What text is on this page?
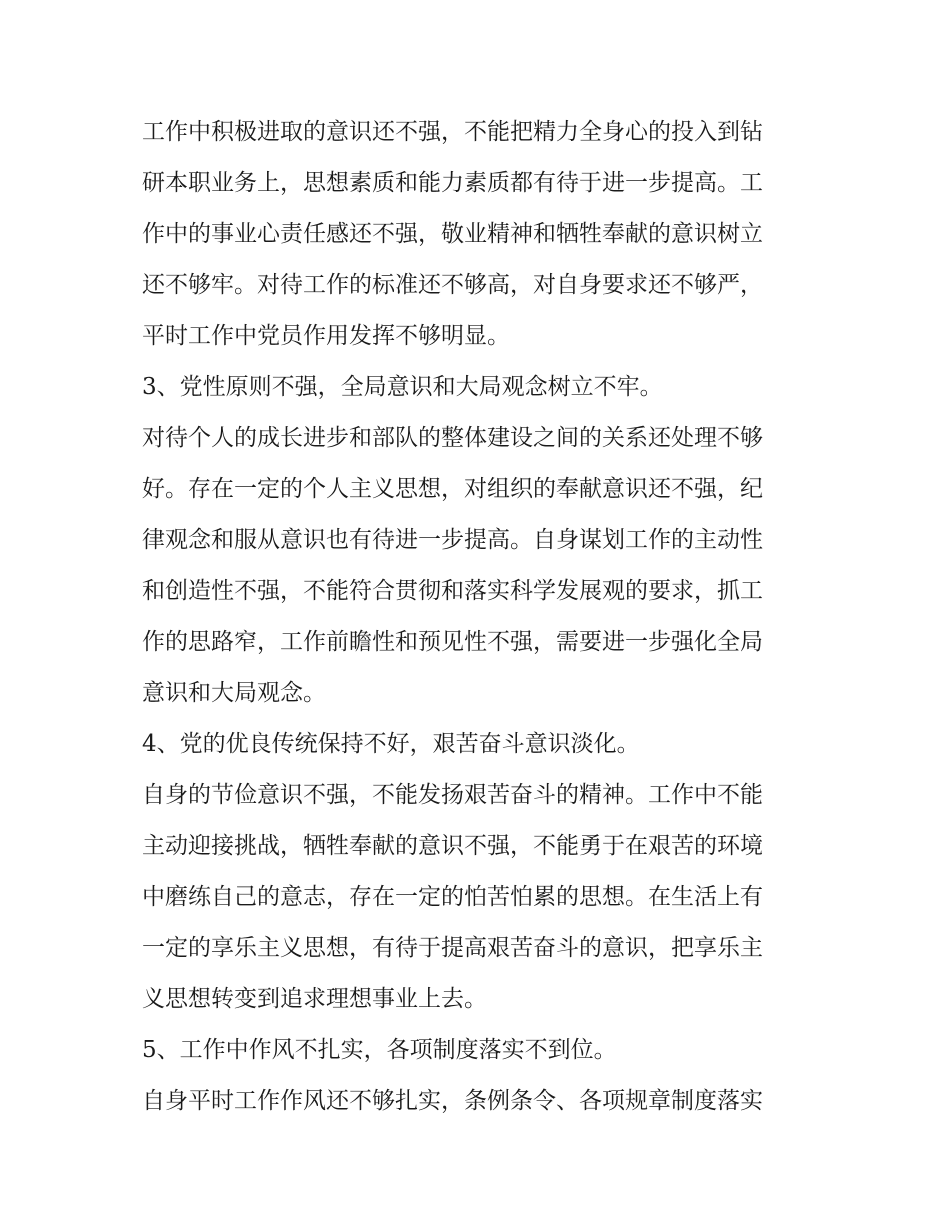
工作中积极进取的意识还不强，不能把精力全身心的投入到钻
研本职业务上，思想素质和能力素质都有待于进一步提高。工
作中的事业心责任感还不强，敬业精神和牺牲奉献的意识树立
还不够牢。对待工作的标准还不够高，对自身要求还不够严，
平时工作中党员作用发挥不够明显。
3、党性原则不强，全局意识和大局观念树立不牢。
对待个人的成长进步和部队的整体建设之间的关系还处理不够
好。存在一定的个人主义思想，对组织的奉献意识还不强，纪
律观念和服从意识也有待进一步提高。自身谋划工作的主动性
和创造性不强，不能符合贯彻和落实科学发展观的要求，抓工
作的思路窄，工作前瞻性和预见性不强，需要进一步强化全局
意识和大局观念。
4、党的优良传统保持不好，艰苦奋斗意识淡化。
自身的节俭意识不强，不能发扬艰苦奋斗的精神。工作中不能
主动迎接挑战，牺牲奉献的意识不强，不能勇于在艰苦的环境
中磨练自己的意志，存在一定的怕苦怕累的思想。在生活上有
一定的享乐主义思想，有待于提高艰苦奋斗的意识，把享乐主
义思想转变到追求理想事业上去。
5、工作中作风不扎实，各项制度落实不到位。
自身平时工作作风还不够扎实，条例条令、各项规章制度落实
